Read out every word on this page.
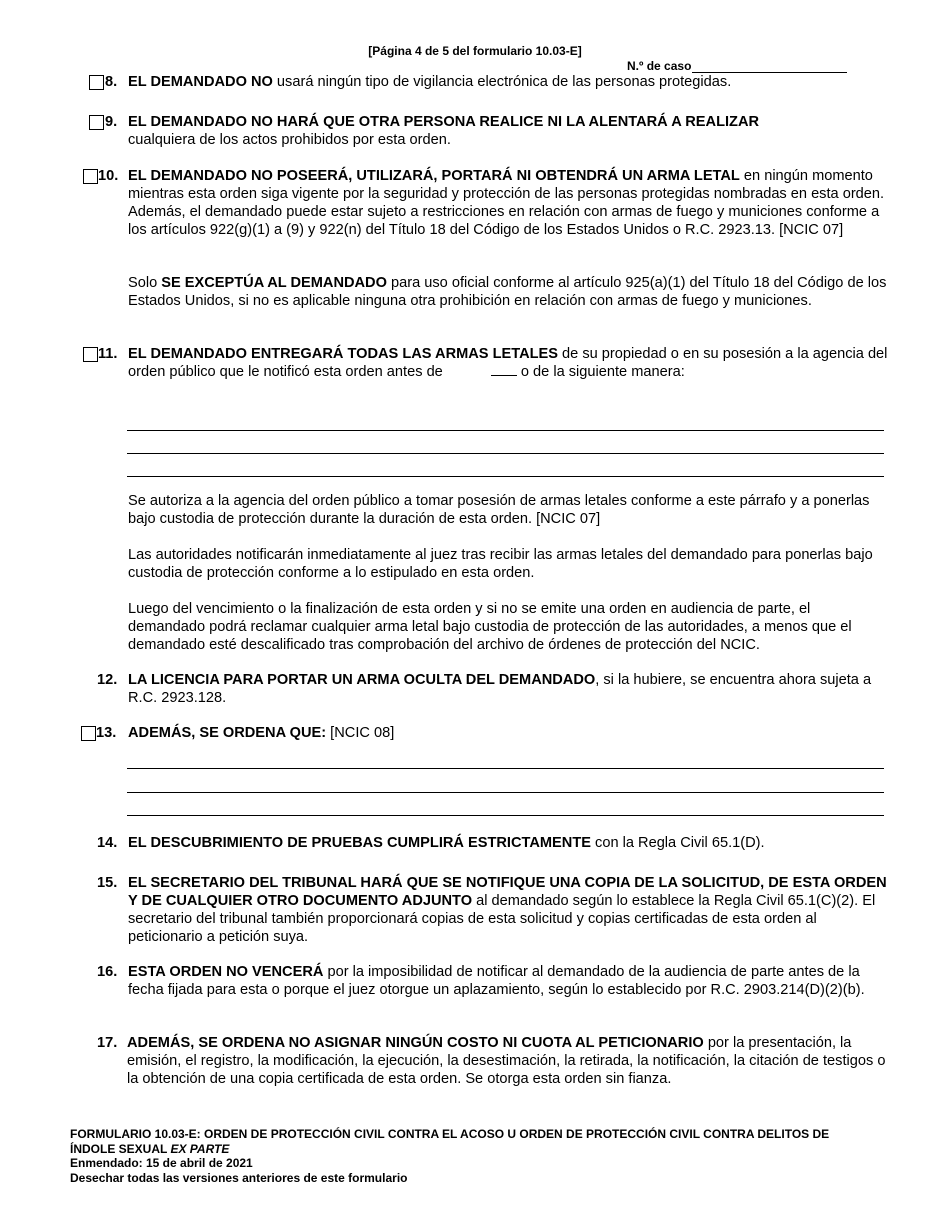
[Página 4 de 5 del formulario 10.03-E]
N.º de caso
8. EL DEMANDADO NO usará ningún tipo de vigilancia electrónica de las personas protegidas.
9. EL DEMANDADO NO HARÁ QUE OTRA PERSONA REALICE NI LA ALENTARÁ A REALIZAR
cualquiera de los actos prohibidos por esta orden.
10. EL DEMANDADO NO POSEERÁ, UTILIZARÁ, PORTARÁ NI OBTENDRÁ UN ARMA LETAL en ningún momento mientras esta orden siga vigente por la seguridad y protección de las personas protegidas nombradas en esta orden. Además, el demandado puede estar sujeto a restricciones en relación con armas de fuego y municiones conforme a los artículos 922(g)(1) a (9) y 922(n) del Título 18 del Código de los Estados Unidos o R.C. 2923.13. [NCIC 07]
Solo SE EXCEPTÚA AL DEMANDADO para uso oficial conforme al artículo 925(a)(1) del Título 18 del Código de los Estados Unidos, si no es aplicable ninguna otra prohibición en relación con armas de fuego y municiones.
11. EL DEMANDADO ENTREGARÁ TODAS LAS ARMAS LETALES de su propiedad o en su posesión a la agencia del orden público que le notificó esta orden antes de	o de la siguiente manera:
Se autoriza a la agencia del orden público a tomar posesión de armas letales conforme a este párrafo y a ponerlas bajo custodia de protección durante la duración de esta orden. [NCIC 07]
Las autoridades notificarán inmediatamente al juez tras recibir las armas letales del demandado para ponerlas bajo custodia de protección conforme a lo estipulado en esta orden.
Luego del vencimiento o la finalización de esta orden y si no se emite una orden en audiencia de parte, el demandado podrá reclamar cualquier arma letal bajo custodia de protección de las autoridades, a menos que el demandado esté descalificado tras comprobación del archivo de órdenes de protección del NCIC.
12. LA LICENCIA PARA PORTAR UN ARMA OCULTA DEL DEMANDADO, si la hubiere, se encuentra ahora sujeta a R.C. 2923.128.
13. ADEMÁS, SE ORDENA QUE: [NCIC 08]
14. EL DESCUBRIMIENTO DE PRUEBAS CUMPLIRÁ ESTRICTAMENTE con la Regla Civil 65.1(D).
15. EL SECRETARIO DEL TRIBUNAL HARÁ QUE SE NOTIFIQUE UNA COPIA DE LA SOLICITUD, DE ESTA ORDEN Y DE CUALQUIER OTRO DOCUMENTO ADJUNTO al demandado según lo establece la Regla Civil 65.1(C)(2). El secretario del tribunal también proporcionará copias de esta solicitud y copias certificadas de esta orden al peticionario a petición suya.
16. ESTA ORDEN NO VENCERÁ por la imposibilidad de notificar al demandado de la audiencia de parte antes de la fecha fijada para esta o porque el juez otorgue un aplazamiento, según lo establecido por R.C. 2903.214(D)(2)(b).
17. ADEMÁS, SE ORDENA NO ASIGNAR NINGÚN COSTO NI CUOTA AL PETICIONARIO por la presentación, la emisión, el registro, la modificación, la ejecución, la desestimación, la retirada, la notificación, la citación de testigos o la obtención de una copia certificada de esta orden. Se otorga esta orden sin fianza.
FORMULARIO 10.03-E: ORDEN DE PROTECCIÓN CIVIL CONTRA EL ACOSO U ORDEN DE PROTECCIÓN CIVIL CONTRA DELITOS DE ÍNDOLE SEXUAL EX PARTE
Enmendado: 15 de abril de 2021
Desechar todas las versiones anteriores de este formulario
